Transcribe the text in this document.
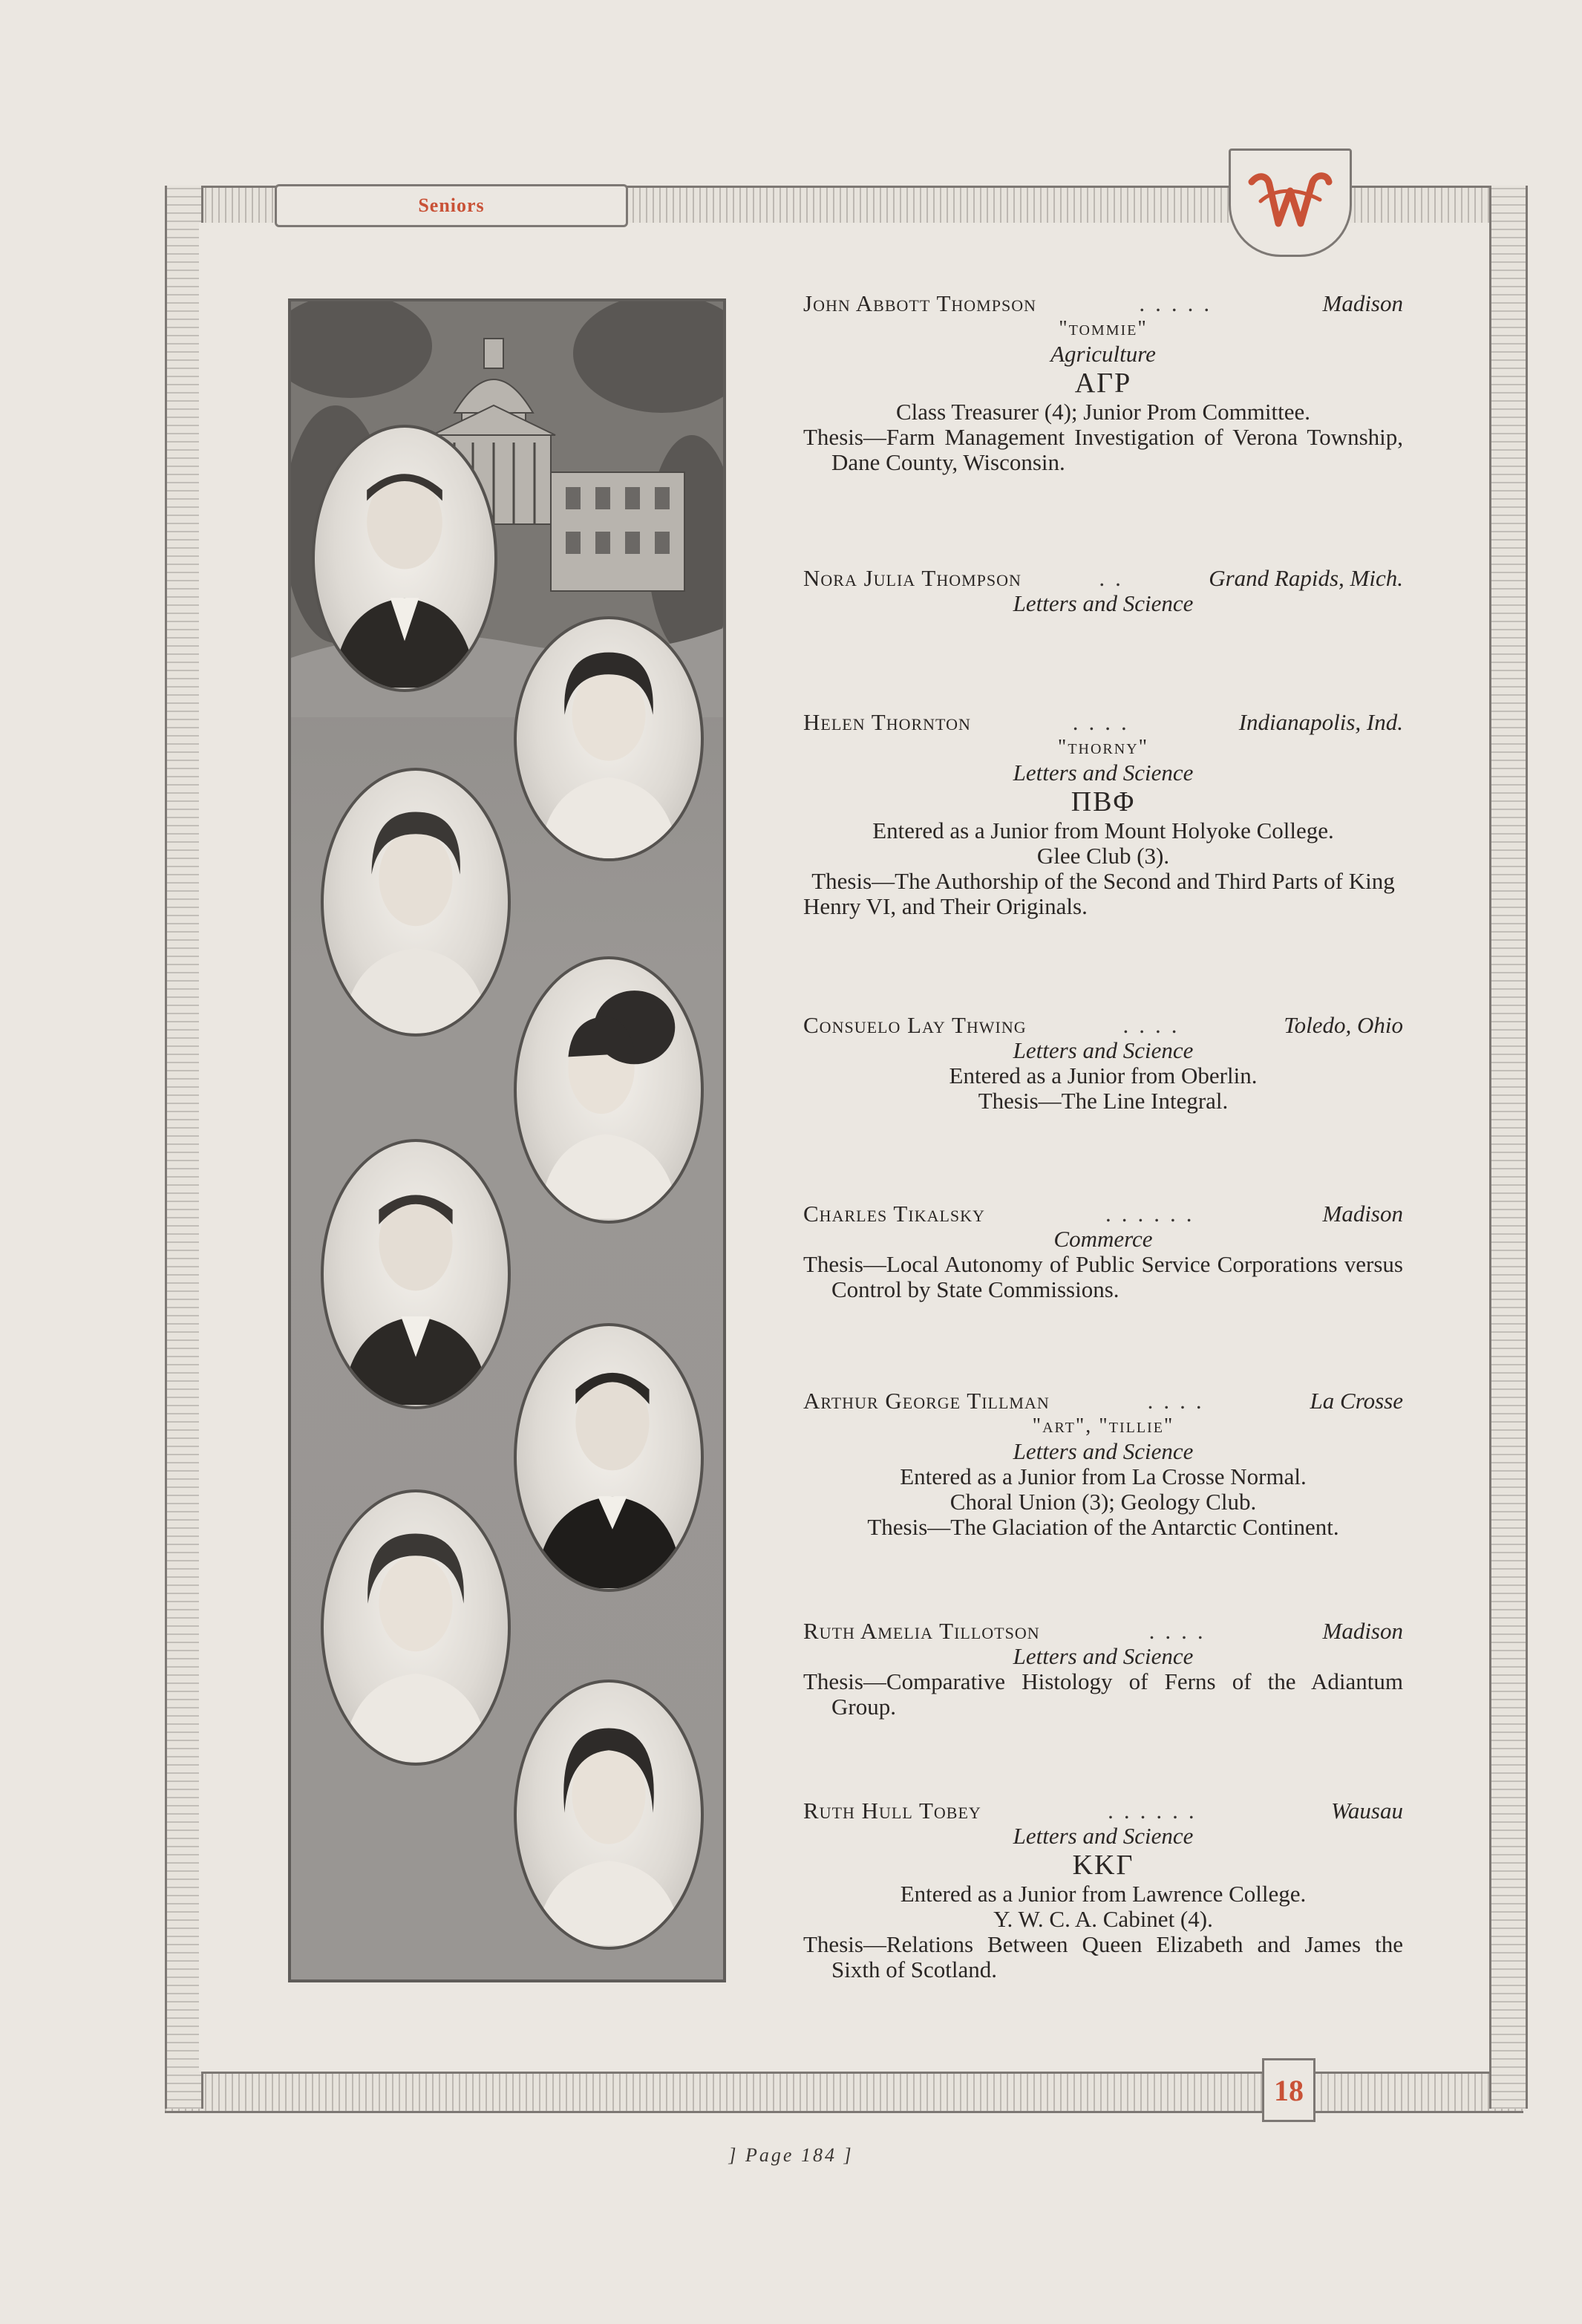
Seniors
18
John Abbott Thompson	.....	Madison
"tommie"
Agriculture
ΑΓΡ
Class Treasurer (4); Junior Prom Committee.
Thesis—Farm Management Investigation of Verona Township, Dane County, Wisconsin.
Nora Julia Thompson	..	Grand Rapids, Mich.
Letters and Science
Helen Thornton	....	Indianapolis, Ind.
"thorny"
Letters and Science
ΠΒΦ
Entered as a Junior from Mount Holyoke College.
Glee Club (3).
Thesis—The Authorship of the Second and Third Parts of King Henry VI, and Their Originals.
Consuelo Lay Thwing	....	Toledo, Ohio
Letters and Science
Entered as a Junior from Oberlin.
Thesis—The Line Integral.
Charles Tikalsky	......	Madison
Commerce
Thesis—Local Autonomy of Public Service Corporations versus Control by State Commissions.
Arthur George Tillman	....	La Crosse
"art", "tillie"
Letters and Science
Entered as a Junior from La Crosse Normal.
Choral Union (3); Geology Club.
Thesis—The Glaciation of the Antarctic Continent.
Ruth Amelia Tillotson	....	Madison
Letters and Science
Thesis—Comparative Histology of Ferns of the Adiantum Group.
Ruth Hull Tobey	......	Wausau
Letters and Science
ΚΚΓ
Entered as a Junior from Lawrence College.
Y. W. C. A. Cabinet (4).
Thesis—Relations Between Queen Elizabeth and James the Sixth of Scotland.
] Page 184 ]
